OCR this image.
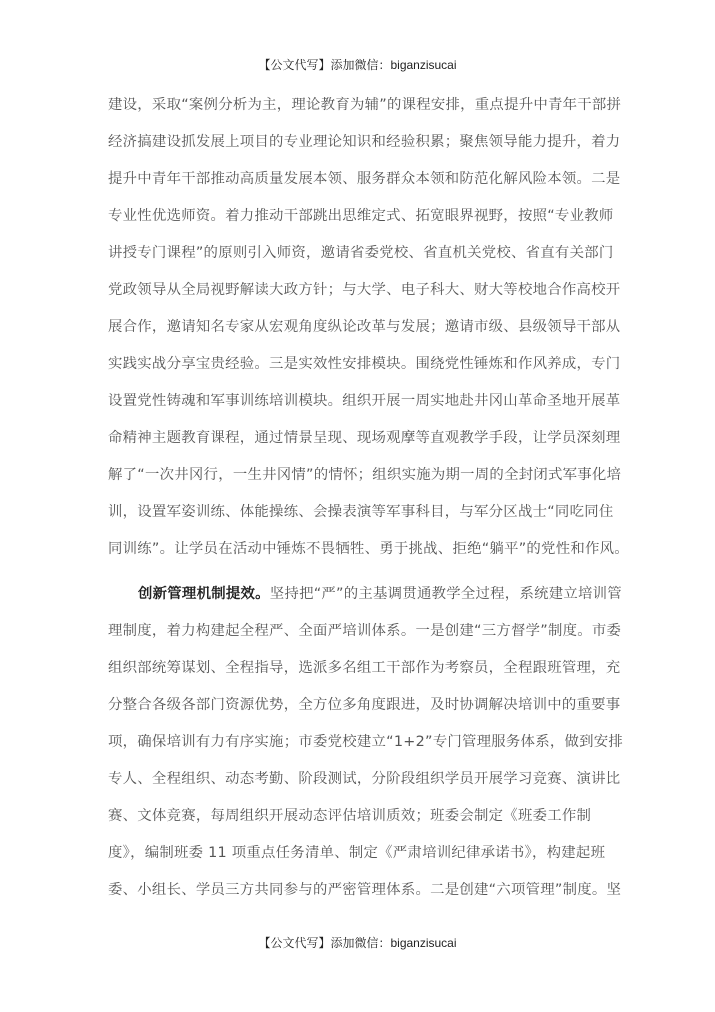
【公文代写】添加微信：biganzisucai
建设，采取“案例分析为主，理论教育为辅”的课程安排，重点提升中青年干部拼
经济搞建设抓发展上项目的专业理论知识和经验积累；聚焦领导能力提升，着力
提升中青年干部推动高质量发展本领、服务群众本领和防范化解风险本领。二是
专业性优选师资。着力推动干部跳出思维定式、拓宽眼界视野，按照“专业教师
讲授专门课程”的原则引入师资，邀请省委党校、省直机关党校、省直有关部门
党政领导从全局视野解读大政方针；与大学、电子科大、财大等校地合作高校开
展合作，邀请知名专家从宏观角度纵论改革与发展；邀请市级、县级领导干部从
实践实战分享宝贵经验。三是实效性安排模块。围绕党性锤炼和作风养成，专门
设置党性铸魂和军事训练培训模块。组织开展一周实地赴井冈山革命圣地开展革
命精神主题教育课程，通过情景呈现、现场观摩等直观教学手段，让学员深刻理
解了“一次井冈行，一生井冈情”的情怀；组织实施为期一周的全封闭式军事化培
训，设置军姿训练、体能操练、会操表演等军事科目，与军分区战士“同吃同住
同训练”。让学员在活动中锤炼不畏牺牲、勇于挑战、拒绝“躺平”的党性和作风。
创新管理机制提效。坚持把“严”的主基调贯通教学全过程，系统建立培训管
理制度，着力构建起全程严、全面严培训体系。一是创建“三方督学”制度。市委
组织部统筹谋划、全程指导，选派多名组工干部作为考察员，全程跟班管理，充
分整合各级各部门资源优势，全方位多角度跟进，及时协调解决培训中的重要事
项，确保培训有力有序实施；市委党校建立“1+2”专门管理服务体系，做到安排
专人、全程组织、动态考勤、阶段测试，分阶段组织学员开展学习竞赛、演讲比
赛、文体竞赛，每周组织开展动态评估培训质效；班委会制定《班委工作制
度》，编制班委 11 项重点任务清单、制定《严肃培训纪律承诺书》，构建起班
委、小组长、学员三方共同参与的严密管理体系。二是创建“六项管理”制度。坚
【公文代写】添加微信：biganzisucai
